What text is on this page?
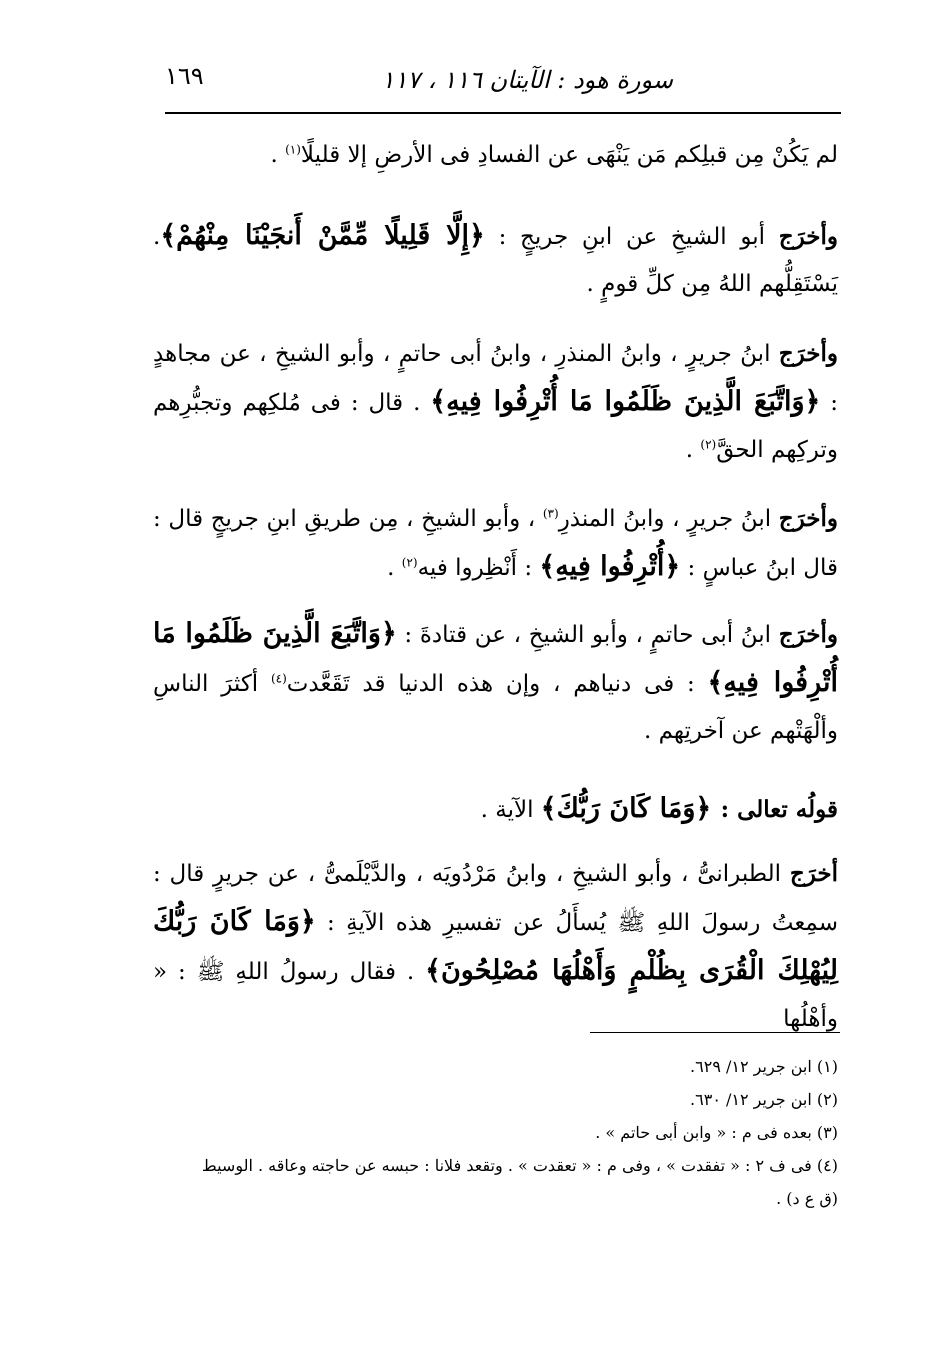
سورة هود : الآيتان ١١٦ ، ١١٧
١٦٩
لم يَكُنْ مِن قبلِكم مَن يَنْهَى عن الفسادِ فى الأرضِ إلا قليلًا$^{(١)}$ .
وأخرَج أبو الشيخِ عن ابنِ جريجٍ : ﴿إِلَّا قَلِيلًا مِّمَّنْ أَنجَيْنَا مِنْهُمْ﴾. يَسْتَقِلُّهم اللهُ مِن كلِّ قومٍ .
وأخرَج ابنُ جريرٍ ، وابنُ المنذرِ ، وابنُ أبى حاتمٍ ، وأبو الشيخِ ، عن مجاهدٍ : ﴿وَاتَّبَعَ الَّذِينَ ظَلَمُوا مَا أُتْرِفُوا فِيهِ﴾ . قال : فى مُلكِهم وتجبُّرِهم وتركِهم الحقَّ$^{(٢)}$ .
وأخرَج ابنُ جريرٍ ، وابنُ المنذرِ$^{(٣)}$ ، وأبو الشيخِ ، مِن طريقِ ابنِ جريجٍ قال : قال ابنُ عباسٍ : ﴿أُتْرِفُوا فِيهِ﴾ : أَنْظِروا فيه$^{(٢)}$ .
وأخرَج ابنُ أبى حاتمٍ ، وأبو الشيخِ ، عن قتادةَ : ﴿وَاتَّبَعَ الَّذِينَ ظَلَمُوا مَا أُتْرِفُوا فِيهِ﴾ : فى دنياهم ، وإن هذه الدنيا قد تَقَعَّدت$^{(٤)}$ أكثرَ الناسِ وألْهَتْهم عن آخرتِهم .
قولُه تعالى : ﴿وَمَا كَانَ رَبُّكَ﴾ الآية .
أخرَج الطبرانىُّ ، وأبو الشيخِ ، وابنُ مَرْدُويَه ، والدَّيْلَمىُّ ، عن جريرٍ قال : سمِعتُ رسولَ اللهِ ﷺ يُسأَلُ عن تفسيرِ هذه الآيةِ : ﴿وَمَا كَانَ رَبُّكَ لِيُهْلِكَ الْقُرَى بِظُلْمٍ وَأَهْلُهَا مُصْلِحُونَ﴾ . فقال رسولُ اللهِ ﷺ : « وأهْلُها
(١) ابن جرير ١٢/ ٦٢٩.
(٢) ابن جرير ١٢/ ٦٣٠.
(٣) بعده فى م : « وابن أبى حاتم » .
(٤) فى ف ٢ : « تفقدت » ، وفى م : « تعقدت » . وتقعد فلانا : حبسه عن حاجته وعاقه . الوسيط
(ق ع د) .
